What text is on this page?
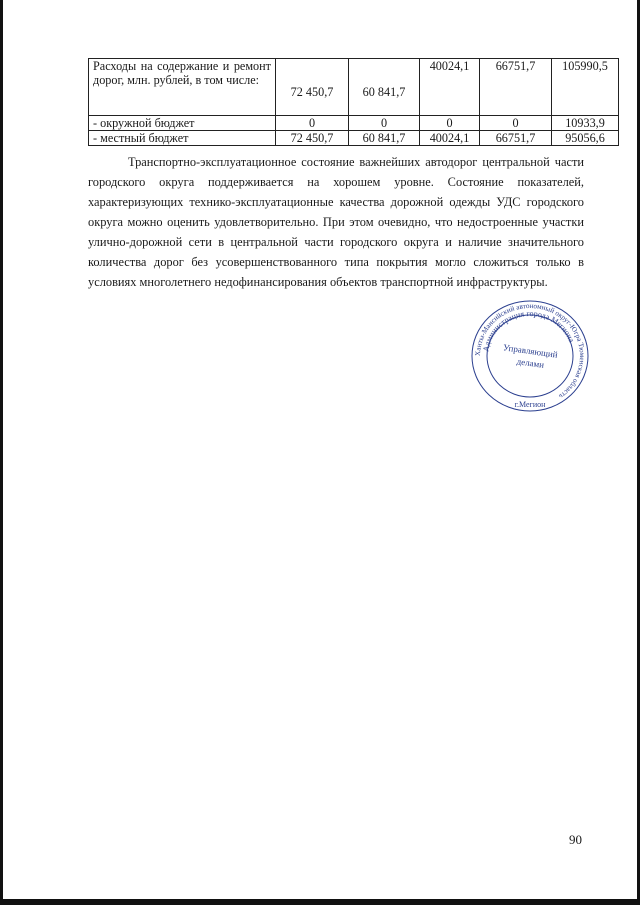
Расходы на содержание и ремонт дорог, млн. рублей, в том числе:	72 450,7	60 841,7	40024,1	66751,7	105990,5
- окружной бюджет	0	0	0	0	10933,9
- местный бюджет	72 450,7	60 841,7	40024,1	66751,7	95056,6

Транспортно-эксплуатационное состояние важнейших автодорог центральной части городского округа поддерживается на хорошем уровне. Состояние показателей, характеризующих технико-эксплуатационные качества дорожной одежды УДС городского округа можно оценить удовлетворительно. При этом очевидно, что недостроенные участки улично-дорожной сети в центральной части городского округа и наличие значительного количества дорог без усовершенствованного типа покрытия могло сложиться только в условиях многолетнего недофинансирования объектов транспортной инфраструктуры.

Ханты-Мансийский автономный округ-Югра Тюменская область
Администрация города Мегиона
Управляющий
делами
г.Мегион
90
